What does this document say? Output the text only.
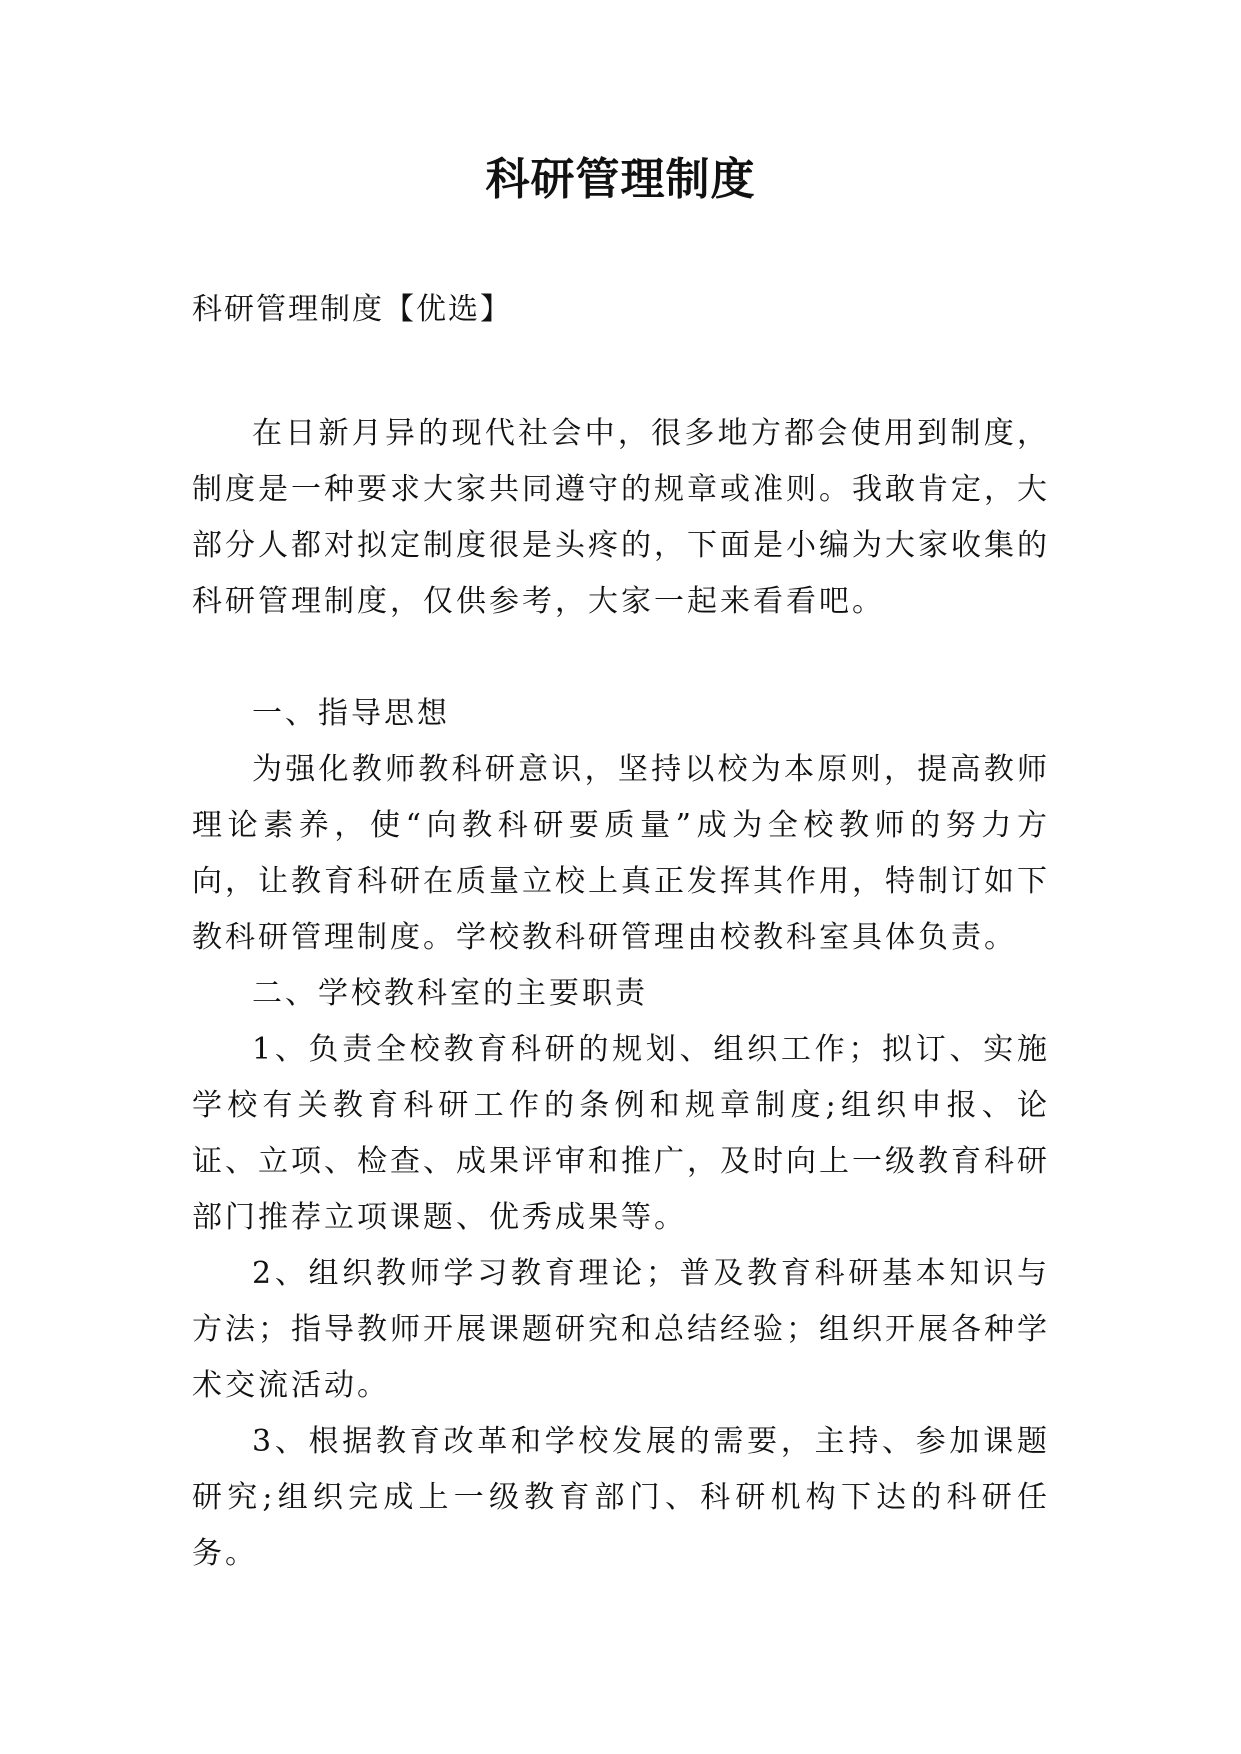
科研管理制度
科研管理制度【优选】

在日新月异的现代社会中，很多地方都会使用到制度，制度是一种要求大家共同遵守的规章或准则。我敢肯定，大部分人都对拟定制度很是头疼的，下面是小编为大家收集的科研管理制度，仅供参考，大家一起来看看吧。

一、指导思想

为强化教师教科研意识，坚持以校为本原则，提高教师理论素养，使“向教科研要质量”成为全校教师的努力方向，让教育科研在质量立校上真正发挥其作用，特制订如下教科研管理制度。学校教科研管理由校教科室具体负责。

二、学校教科室的主要职责

1、负责全校教育科研的规划、组织工作；拟订、实施学校有关教育科研工作的条例和规章制度;组织申报、论证、立项、检查、成果评审和推广，及时向上一级教育科研部门推荐立项课题、优秀成果等。

2、组织教师学习教育理论；普及教育科研基本知识与方法；指导教师开展课题研究和总结经验；组织开展各种学术交流活动。

3、根据教育改革和学校发展的需要，主持、参加课题研究;组织完成上一级教育部门、科研机构下达的科研任务。
